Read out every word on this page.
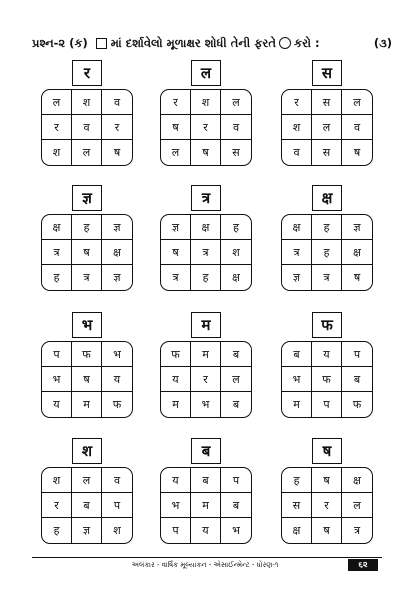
પ્રશ્ન-૨ (ક) માં દર્શાવેલો મૂળાક્ષર શોધી તેની ફરતે કરો :	(૩)
र
ल	श	व
र	व	र
श	ल	ष
ल
र	श	ल
ष	र	व
ल	ष	स
स
र	स	ल
श	ल	व
व	स	ष
ज्ञ
क्ष	ह	ज्ञ
त्र	ष	क्ष
ह	त्र	ज्ञ
त्र
ज्ञ	क्ष	ह
ष	त्र	श
त्र	ह	क्ष
क्ष
क्ष	ह	ज्ञ
त्र	ह	क्ष
ज्ञ	त्र	ष
भ
प	फ	भ
भ	ष	य
य	म	फ
म
फ	म	ब
य	र	ल
म	भ	ब
फ
ब	य	प
भ	फ	ब
म	प	फ
श
श	ल	व
र	ब	प
ह	ज्ञ	श
ब
य	ब	प
भ	म	ब
प	य	भ
ष
ह	ष	क्ष
स	र	ल
क्ष	ष	त्र
અલંકાર - વાર્ષિક મૂલ્યાંકન - એસાઈન્મેન્ટ - ધોરણ-૧	૬૨
